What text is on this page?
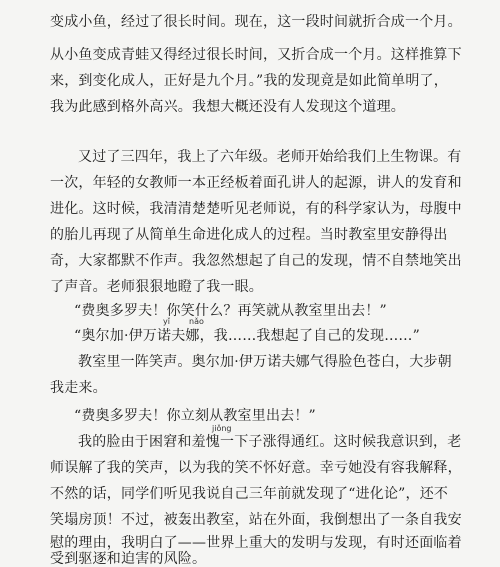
变成小鱼，经过了很长时间。现在，这一段时间就折合成一个月。
从小鱼变成青蛙又得经过很长时间，又折合成一个月。这样推算下
来，到变化成人，正好是九个月。”我的发现竟是如此简单明了，
我为此感到格外高兴。我想大概还没有人发现这个道理。
又过了三四年，我上了六年级。老师开始给我们上生物课。有
一次，年轻的女教师一本正经板着面孔讲人的起源，讲人的发育和
进化。这时候，我清清楚楚听见老师说，有的科学家认为，母腹中
的胎儿再现了从简单生命进化成人的过程。当时教室里安静得出
奇，大家都默不作声。我忽然想起了自己的发现，情不自禁地笑出
了声音。老师狠狠地瞪了我一眼。
“费奥多罗夫！你笑什么？再笑就从教室里出去！”
yǐ nǎo
“奥尔加·伊万诺夫娜，我……我想起了自己的发现……”
教室里一阵笑声。奥尔加·伊万诺夫娜气得脸色苍白，大步朝
我走来。
“费奥多罗夫！你立刻从教室里出去！”
jiǒng
我的脸由于困窘和羞愧一下子涨得通红。这时候我意识到，老
师误解了我的笑声，以为我的笑不怀好意。幸亏她没有容我解释，
不然的话，同学们听见我说自己三年前就发现了“进化论”，还不
笑塌房顶！不过，被轰出教室，站在外面，我倒想出了一条自我安
慰的理由，我明白了——世界上重大的发明与发现，有时还面临着
受到驱逐和迫害的风险。
